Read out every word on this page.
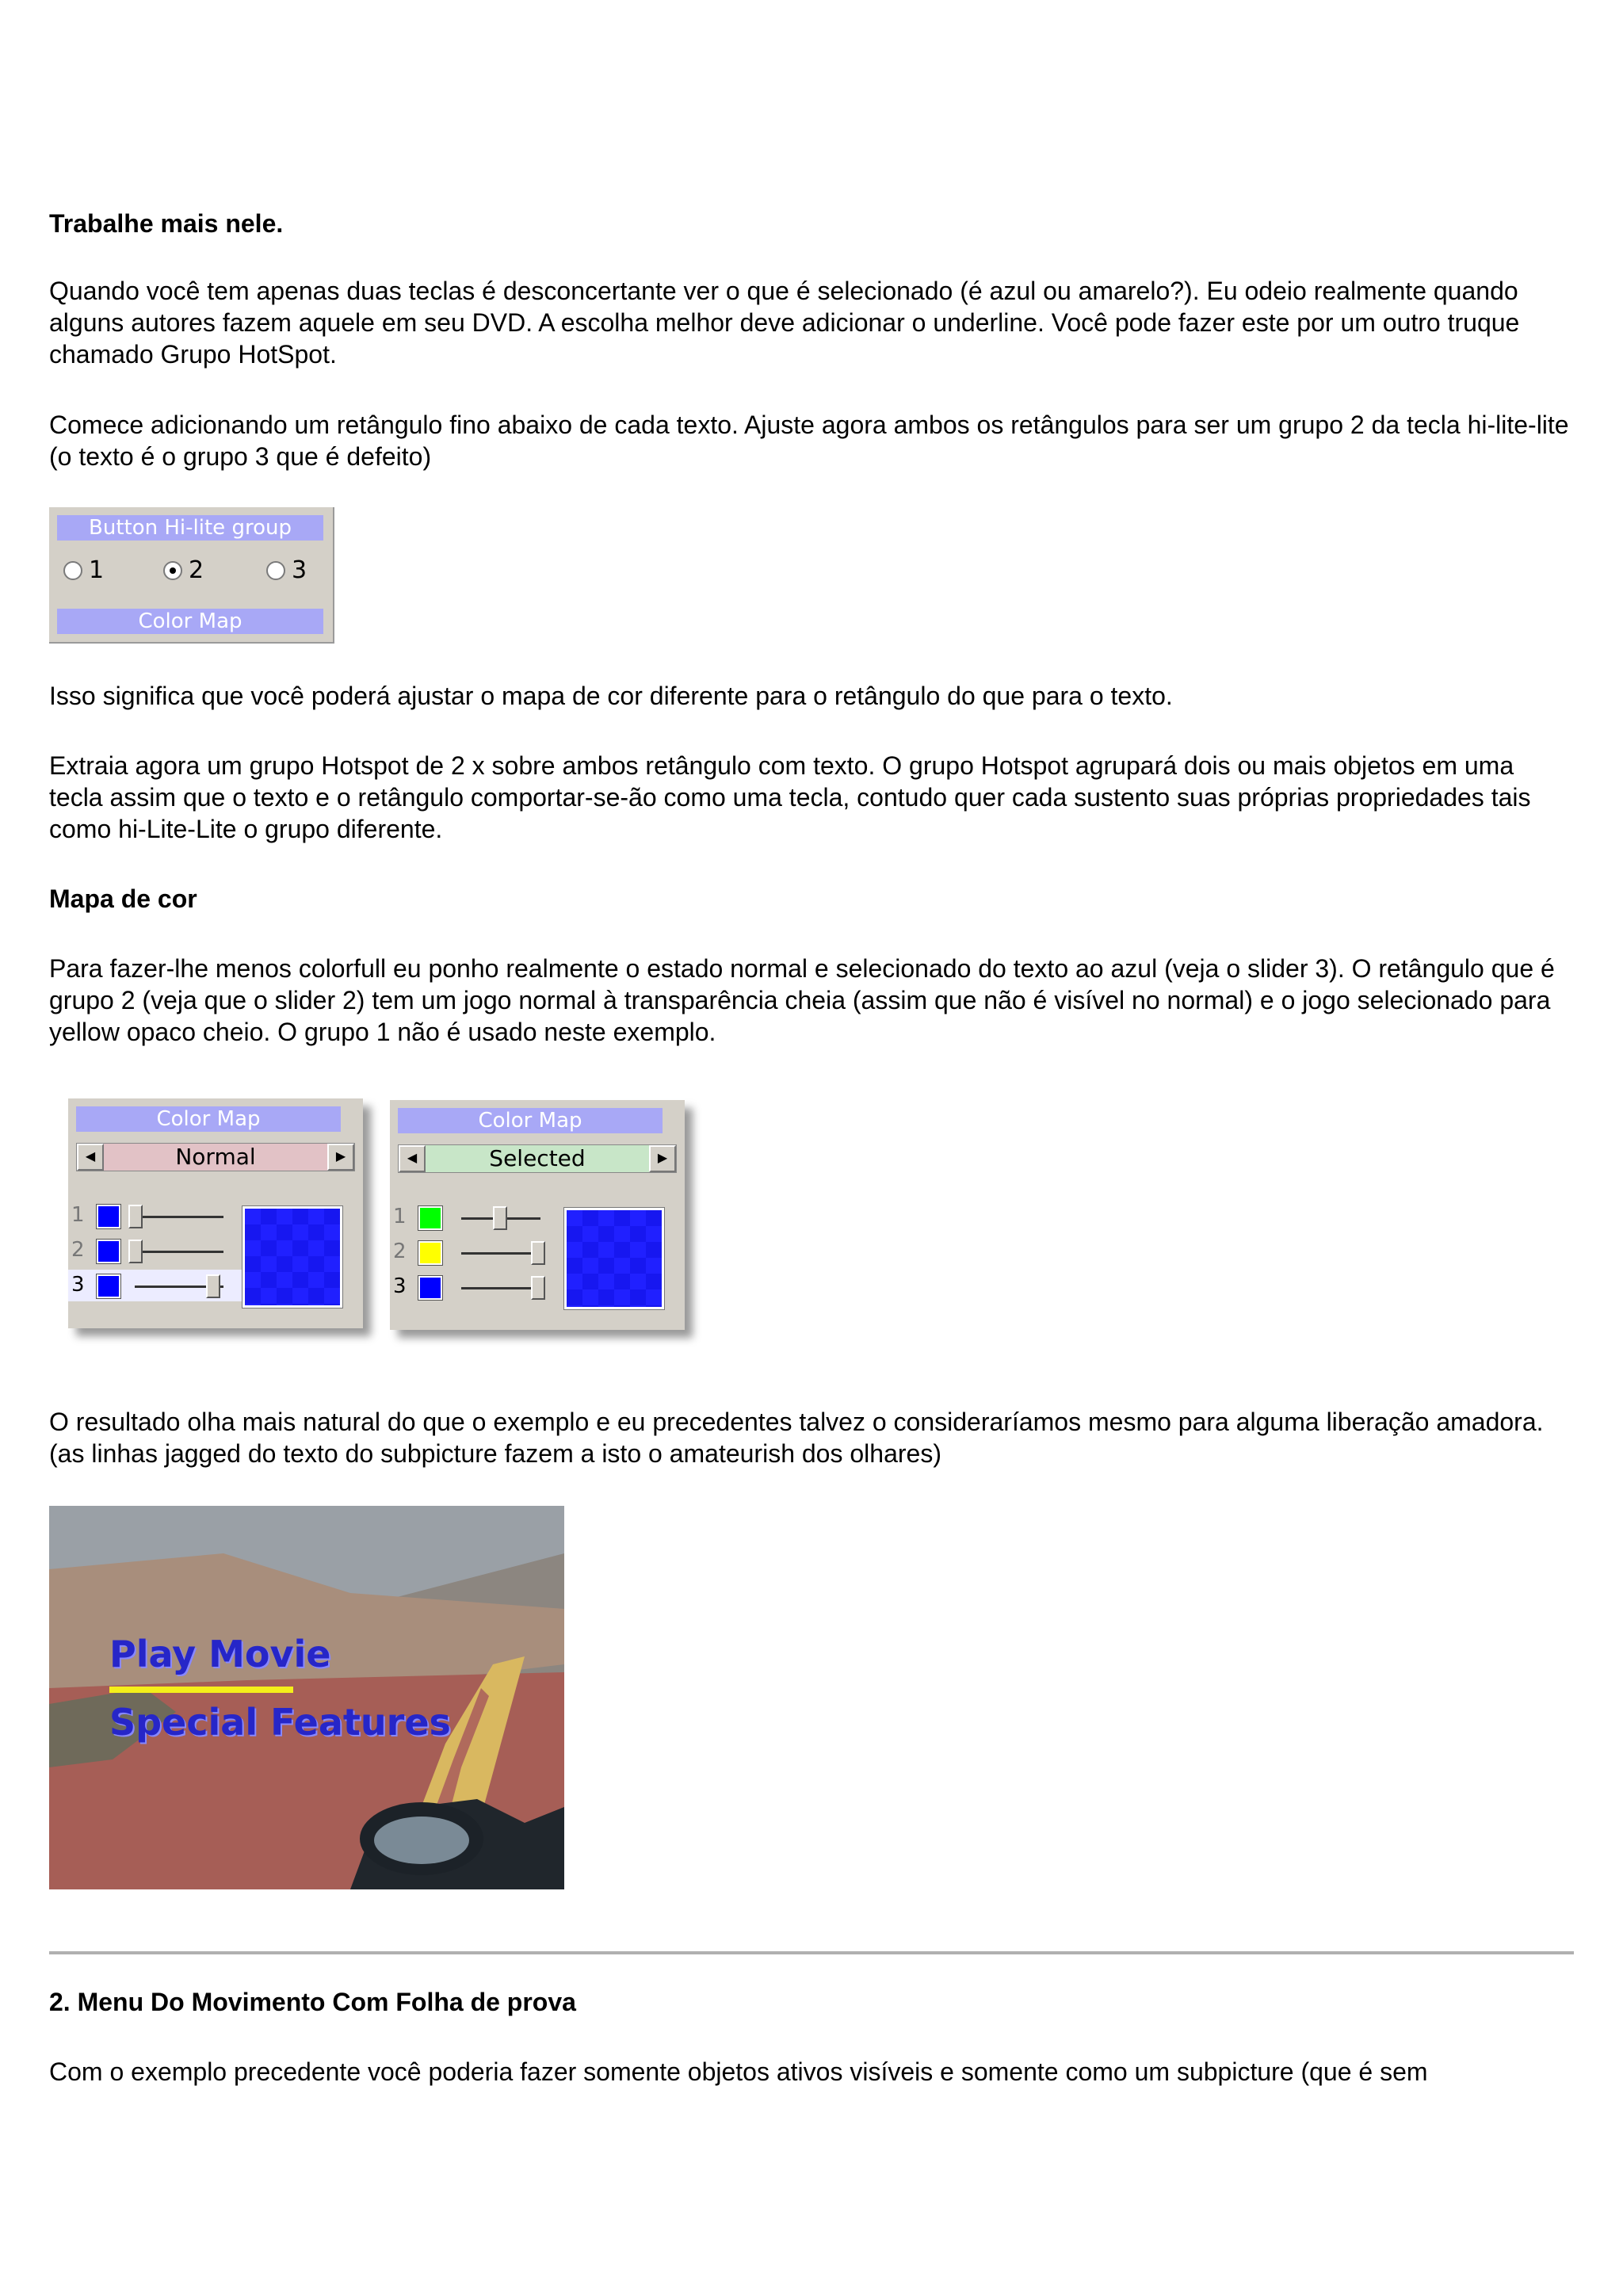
Trabalhe mais nele.

Quando você tem apenas duas teclas é desconcertante ver o que é selecionado (é azul ou amarelo?). Eu odeio realmente quando alguns autores fazem aquele em seu DVD. A escolha melhor deve adicionar o underline. Você pode fazer este por um outro truque chamado Grupo HotSpot.

Comece adicionando um retângulo fino abaixo de cada texto. Ajuste agora ambos os retângulos para ser um grupo 2 da tecla hi-lite-lite (o texto é o grupo 3 que é defeito)

Button Hi-lite group
1	2	3
Color Map

Isso significa que você poderá ajustar o mapa de cor diferente para o retângulo do que para o texto.

Extraia agora um grupo Hotspot de 2 x sobre ambos retângulo com texto. O grupo Hotspot agrupará dois ou mais objetos em uma tecla assim que o texto e o retângulo comportar-se-ão como uma tecla, contudo quer cada sustento suas próprias propriedades tais como hi-Lite-Lite o grupo diferente.

Mapa de cor

Para fazer-lhe menos colorfull eu ponho realmente o estado normal e selecionado do texto ao azul (veja o slider 3). O retângulo que é grupo 2 (veja que o slider 2) tem um jogo normal à transparência cheia (assim que não é visível no normal) e o jogo selecionado para yellow opaco cheio. O grupo 1 não é usado neste exemplo.

Color Map
◀	Normal	▶
1
2
3
Color Map
◀	Selected	▶
1
2
3

O resultado olha mais natural do que o exemplo e eu precedentes talvez o consideraríamos mesmo para alguma liberação amadora. (as linhas jagged do texto do subpicture fazem a isto o amateurish dos olhares)

Play Movie
Special Features

2. Menu Do Movimento Com Folha de prova

Com o exemplo precedente você poderia fazer somente objetos ativos visíveis e somente como um subpicture (que é sem
